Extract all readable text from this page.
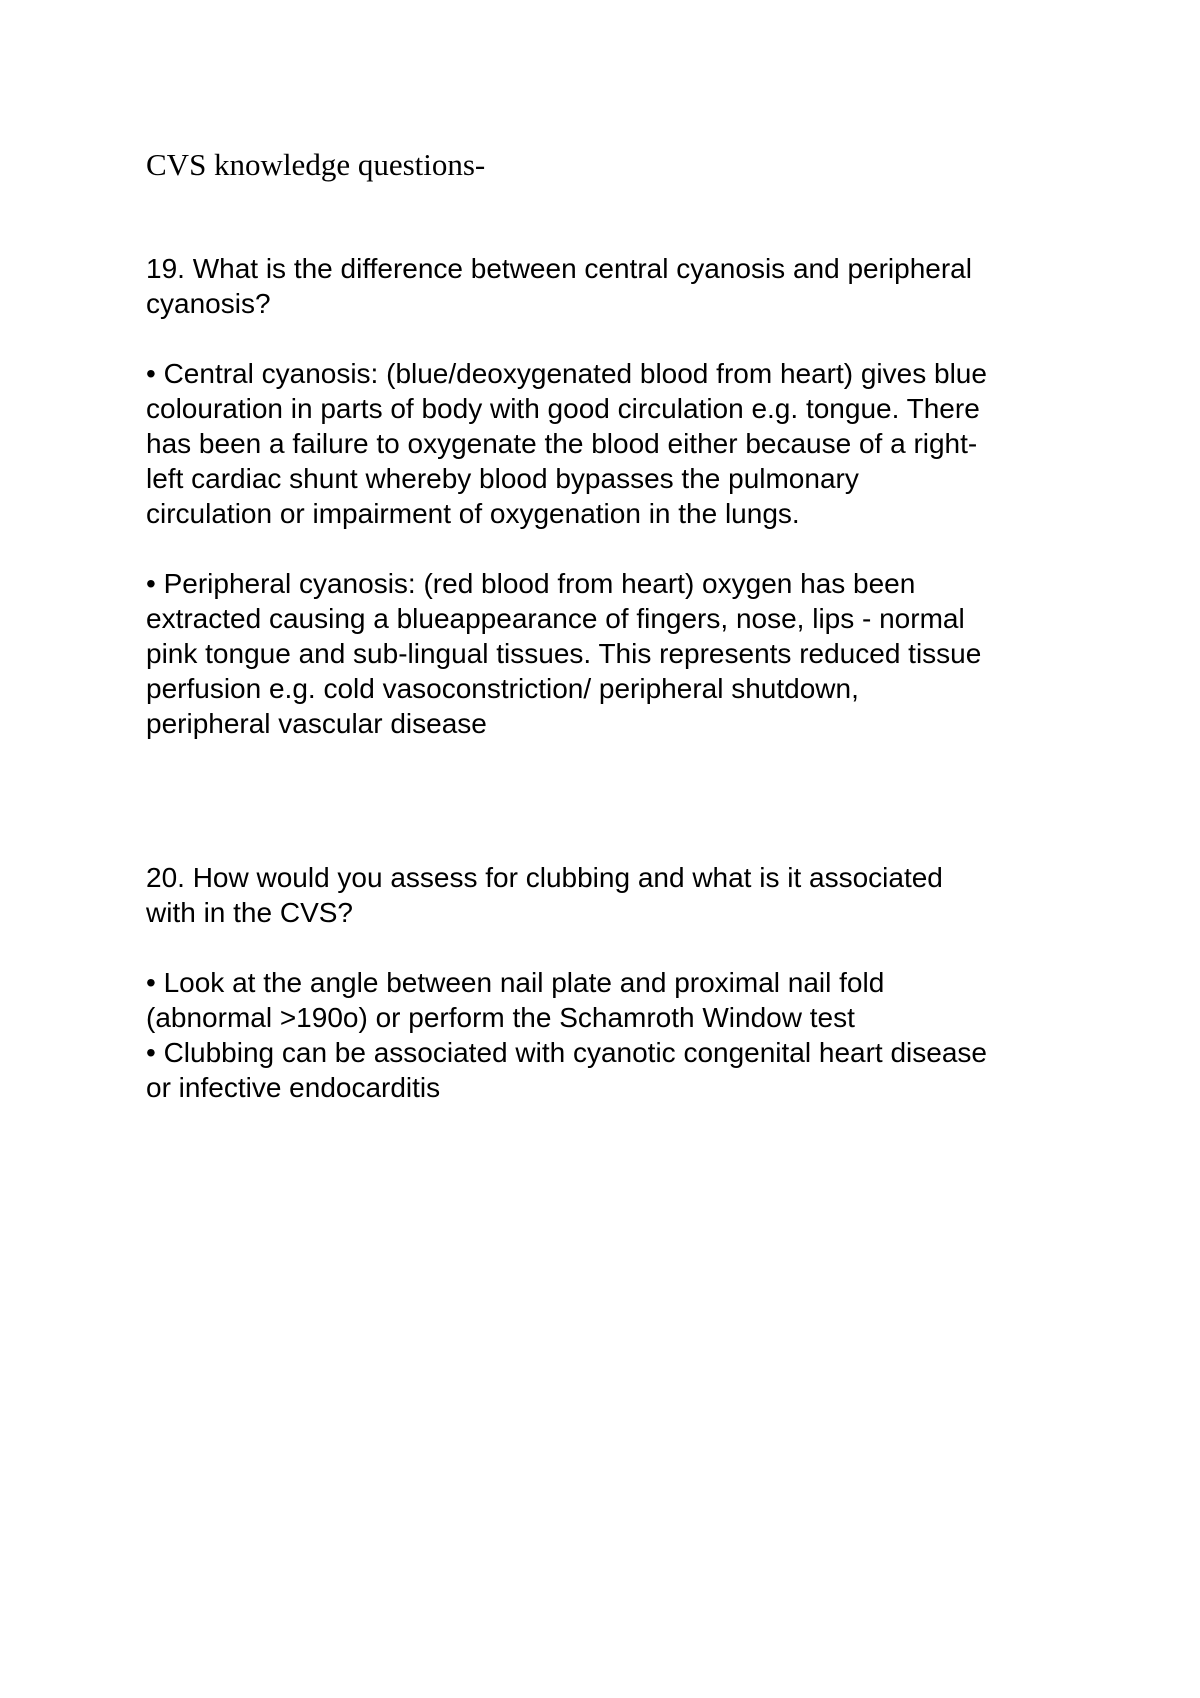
CVS knowledge questions-

19. What is the difference between central cyanosis and peripheral
cyanosis?

• Central cyanosis: (blue/deoxygenated blood from heart) gives blue
colouration in parts of body with good circulation e.g. tongue. There
has been a failure to oxygenate the blood either because of a right-
left cardiac shunt whereby blood bypasses the pulmonary
circulation or impairment of oxygenation in the lungs.

• Peripheral cyanosis: (red blood from heart) oxygen has been
extracted causing a blueappearance of fingers, nose, lips - normal
pink tongue and sub-lingual tissues. This represents reduced tissue
perfusion e.g. cold vasoconstriction/ peripheral shutdown,
peripheral vascular disease

20. How would you assess for clubbing and what is it associated
with in the CVS?

• Look at the angle between nail plate and proximal nail fold
(abnormal >190o) or perform the Schamroth Window test
• Clubbing can be associated with cyanotic congenital heart disease
or infective endocarditis
